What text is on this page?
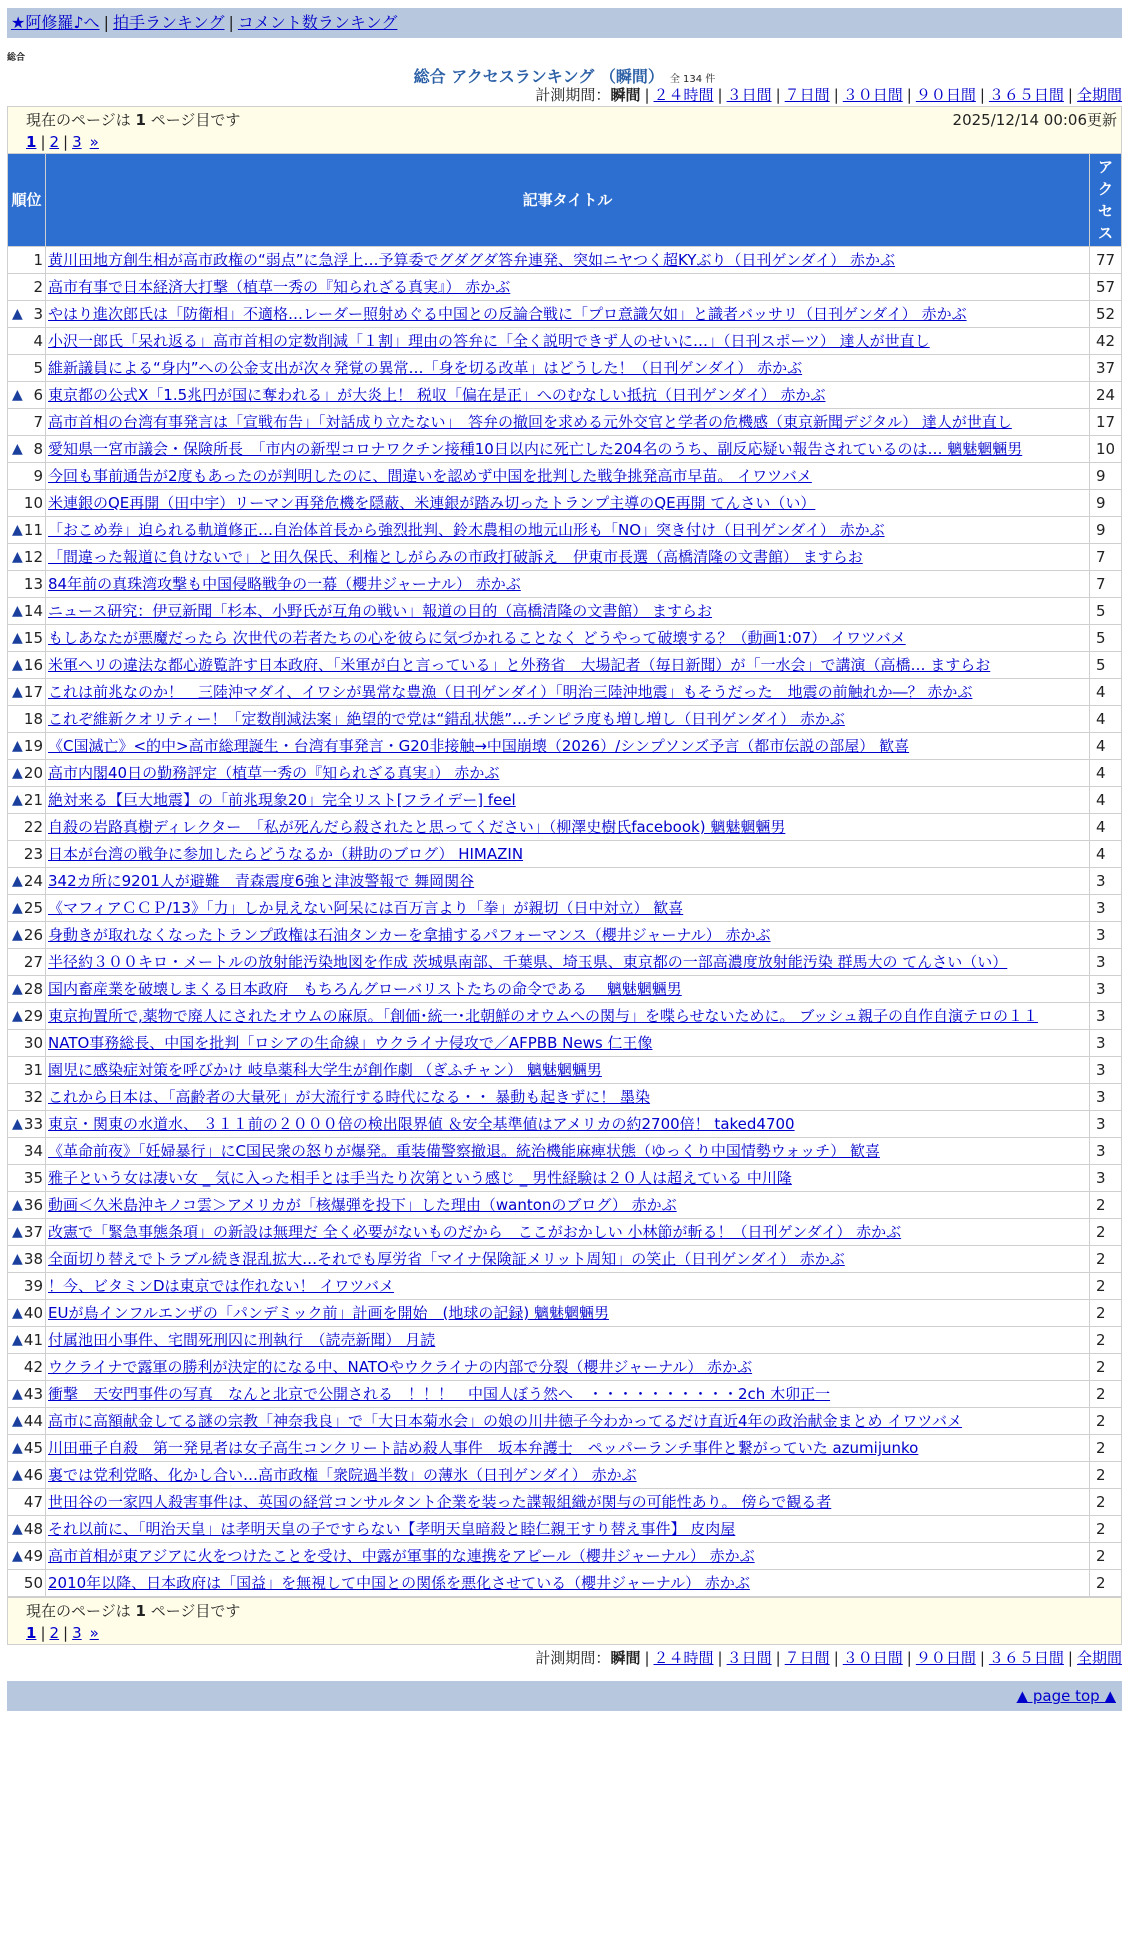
★阿修羅♪へ | 拍手ランキング | コメント数ランキング
総合
総合 アクセスランキング （瞬間） 全 134 件
計測期間：瞬間 | ２４時間 | ３日間 | ７日間 | ３０日間 | ９０日間 | ３６５日間 | 全期間
現在のページは 1 ページ目です	2025/12/14 00:06更新
1 | 2 | 3 »
順位	記事タイトル	アクセス
1	黄川田地方創生相が高市政権の“弱点”に急浮上…予算委でグダグダ答弁連発、突如ニヤつく超KYぶり（日刊ゲンダイ） 赤かぶ	77
2	高市有事で日本経済大打撃（植草一秀の『知られざる真実』） 赤かぶ	57

▲ 3	やはり進次郎氏は「防衛相」不適格…レーダー照射めぐる中国との反論合戦に「プロ意識欠如」と識者バッサリ（日刊ゲンダイ） 赤かぶ	52
4	小沢一郎氏「呆れ返る」高市首相の定数削減「１割」理由の答弁に「全く説明できず人のせいに…」（日刊スポーツ） 達人が世直し	42
5	維新議員による“身内”への公金支出が次々発覚の異常…「身を切る改革」はどうした！（日刊ゲンダイ） 赤かぶ	37

▲ 6	東京都の公式X「1.5兆円が国に奪われる」が大炎上！ 税収「偏在是正」へのむなしい抵抗（日刊ゲンダイ） 赤かぶ	24
7	高市首相の台湾有事発言は「宣戦布告」「対話成り立たない」　答弁の撤回を求める元外交官と学者の危機感（東京新聞デジタル） 達人が世直し	17

▲ 8	愛知県一宮市議会・保険所長　「市内の新型コロナワクチン接種10日以内に死亡した204名のうち、副反応疑い報告されているのは… 魑魅魍魎男	10
9	今回も事前通告が2度もあったのが判明したのに、間違いを認めず中国を批判した戦争挑発高市早苗。 イワツバメ	9
10	米連銀のQE再開（田中宇）リーマン再発危機を隠蔽、米連銀が踏み切ったトランプ主導のQE再開 てんさい（い）	9

▲ 11	「おこめ券」迫られる軌道修正…自治体首長から強烈批判、鈴木農相の地元山形も「NO」突き付け（日刊ゲンダイ） 赤かぶ	9

▲ 12	「間違った報道に負けないで」と田久保氏、利権としがらみの市政打破訴え　伊東市長選（高橋清隆の文書館） ますらお	7
13	84年前の真珠湾攻撃も中国侵略戦争の一幕（櫻井ジャーナル） 赤かぶ	7

▲ 14	ニュース研究：伊豆新聞「杉本、小野氏が互角の戦い」報道の目的（高橋清隆の文書館） ますらお	5

▲ 15	もしあなたが悪魔だったら 次世代の若者たちの心を彼らに気づかれることなく どうやって破壊する？（動画1:07） イワツバメ	5

▲ 16	米軍ヘリの違法な都心遊覧許す日本政府、「米軍が白と言っている」と外務省　大場記者（毎日新聞）が「一水会」で講演（高橋… ますらお	5

▲ 17	これは前兆なのか！　三陸沖マダイ、イワシが異常な豊漁（日刊ゲンダイ）「明治三陸沖地震」もそうだった　地震の前触れか―？ 赤かぶ	4
18	これぞ維新クオリティー！「定数削減法案」絶望的で党は“錯乱状態”…チンピラ度も増し増し（日刊ゲンダイ） 赤かぶ	4

▲ 19	《C国滅亡》<的中>高市総理誕生・台湾有事発言・G20非接触→中国崩壊（2026）/シンプソンズ予言（都市伝説の部屋） 歓喜	4

▲ 20	高市内閣40日の勤務評定（植草一秀の『知られざる真実』） 赤かぶ	4

▲ 21	絶対来る【巨大地震】の「前兆現象20」完全リスト[フライデー] feel	4
22	自殺の岩路真樹ディレクター　「私が死んだら殺されたと思ってください」（柳澤史樹氏facebook) 魑魅魍魎男	4
23	日本が台湾の戦争に参加したらどうなるか（耕助のブログ） HIMAZIN	4

▲ 24	342カ所に9201人が避難　青森震度6強と津波警報で 舞岡関谷	3

▲ 25	《マフィアＣＣＰ/13》「力」しか見えない阿呆には百万言より「拳」が親切（日中対立） 歓喜	3

▲ 26	身動きが取れなくなったトランプ政権は石油タンカーを拿捕するパフォーマンス（櫻井ジャーナル） 赤かぶ	3
27	半径約３００キロ・メートルの放射能汚染地図を作成 茨城県南部、千葉県、埼玉県、東京都の一部高濃度放射能汚染 群馬大の てんさい（い）	3

▲ 28	国内畜産業を破壊しまくる日本政府　もちろんグローバリストたちの命令である　 魑魅魍魎男	3

▲ 29	東京拘置所で,薬物で廃人にされたオウムの麻原。「創価･統一･北朝鮮のオウムへの関与」を喋らせないために。 ブッシュ親子の自作自演テロの１１	3
30	NATO事務総長、中国を批判「ロシアの生命線」ウクライナ侵攻で／AFPBB News 仁王像	3
31	園児に感染症対策を呼びかけ 岐阜薬科大学生が創作劇 （ぎふチャン） 魑魅魍魎男	3
32	これから日本は、「高齢者の大量死」が大流行する時代になる・・ 暴動も起きずに！ 墨染	3

▲ 33	東京・関東の水道水、 ３１１前の２０００倍の検出限界値 ＆安全基準値はアメリカの約2700倍！ taked4700	3
34	《革命前夜》「妊婦暴行」にC国民衆の怒りが爆発。重装備警察撤退。統治機能麻痺状態（ゆっくり中国情勢ウォッチ） 歓喜	3
35	雅子という女は凄い女 _ 気に入った相手とは手当たり次第という感じ _ 男性経験は２０人は超えている 中川隆	3

▲ 36	動画＜久米島沖キノコ雲＞アメリカが「核爆弾を投下」した理由（wantonのブログ） 赤かぶ	2

▲ 37	改憲で「緊急事態条項」の新設は無理だ 全く必要がないものだから　ここがおかしい 小林節が斬る！（日刊ゲンダイ） 赤かぶ	2

▲ 38	全面切り替えでトラブル続き混乱拡大…それでも厚労省「マイナ保険証メリット周知」の笑止（日刊ゲンダイ） 赤かぶ	2
39	！今、ビタミンDは東京では作れない！ イワツバメ	2

▲ 40	EUが鳥インフルエンザの「パンデミック前」計画を開始　(地球の記録) 魑魅魍魎男	2

▲ 41	付属池田小事件、宅間死刑囚に刑執行　（読売新聞） 月読	2
42	ウクライナで露軍の勝利が決定的になる中、NATOやウクライナの内部で分裂（櫻井ジャーナル） 赤かぶ	2

▲ 43	衝撃　天安門事件の写真　なんと北京で公開される　！！！　中国人ぼう然へ　・・・・・・・・・・2ch 木卯正一	2

▲ 44	高市に高額献金してる謎の宗教「神奈我良」で「大日本菊水会」の娘の川井徳子今わかってるだけ直近4年の政治献金まとめ イワツバメ	2

▲ 45	川田亜子自殺　第一発見者は女子高生コンクリート詰め殺人事件　坂本弁護士　ペッパーランチ事件と繋がっていた azumijunko	2

▲ 46	裏では党利党略、化かし合い…高市政権「衆院過半数」の薄氷（日刊ゲンダイ） 赤かぶ	2
47	世田谷の一家四人殺害事件は、英国の経営コンサルタント企業を装った諜報組織が関与の可能性あり。 傍らで観る者	2

▲ 48	それ以前に、「明治天皇」は孝明天皇の子ですらない【孝明天皇暗殺と睦仁親王すり替え事件】 皮肉屋	2

▲ 49	高市首相が東アジアに火をつけたことを受け、中露が軍事的な連携をアピール（櫻井ジャーナル） 赤かぶ	2
50	2010年以降、日本政府は「国益」を無視して中国との関係を悪化させている（櫻井ジャーナル） 赤かぶ	2
現在のページは 1 ページ目です
1 | 2 | 3 »
計測期間：瞬間 | ２４時間 | ３日間 | ７日間 | ３０日間 | ９０日間 | ３６５日間 | 全期間
▲ page top ▲
